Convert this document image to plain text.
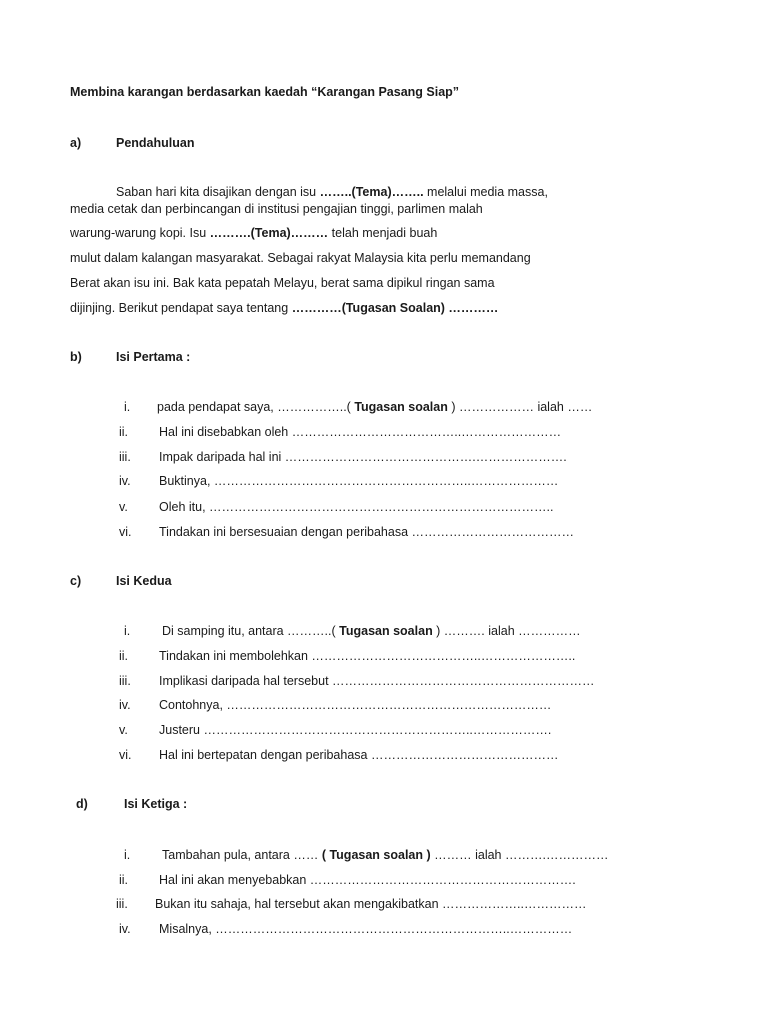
Membina karangan berdasarkan kaedah “Karangan Pasang Siap”
a)	Pendahuluan
Saban hari kita disajikan dengan isu ……..(Tema)…….. melalui media massa,
media cetak dan perbincangan di institusi pengajian tinggi, parlimen malah
warung-warung kopi. Isu ……….(Tema)……… telah menjadi buah
mulut dalam kalangan masyarakat. Sebagai rakyat Malaysia kita perlu memandang
Berat akan isu ini. Bak kata pepatah Melayu, berat sama dipikul ringan sama
dijinjing. Berikut pendapat saya tentang …………(Tugasan Soalan) …………
b)	Isi Pertama :
i. pada pendapat saya, ……………..( Tugasan soalan ) ……………… ialah ……
ii. Hal ini disebabkan oleh …………………………………..……………………
iii. Impak daripada hal ini ……………………………………….………………….
iv. Buktinya, ……………………………………………………..…………………
v. Oleh itu, ………………………………………………………………………..
vi. Tindakan ini bersesuaian dengan peribahasa …………………………………
c)	Isi Kedua
i.	Di samping itu, antara ………..( Tugasan soalan ) ………. ialah ……………
ii. Tindakan ini membolehkan …………………………………..…………………..
iii. Implikasi daripada hal tersebut ………………………………………………………
iv. Contohnya, ……………………………………………………………………
v. Justeru ………………………………………………………..……………….
vi. Hal ini bertepatan dengan peribahasa ………………………………………
d)	Isi Ketiga :
i.	Tambahan pula, antara …… ( Tugasan soalan ) ……… ialah ……….……………
ii. Hal ini akan menyebabkan ……………………………………………………….
iii. Bukan itu sahaja, hal tersebut akan mengakibatkan ………………..……………
iv. Misalnya, ……………………………………………………………..……………
